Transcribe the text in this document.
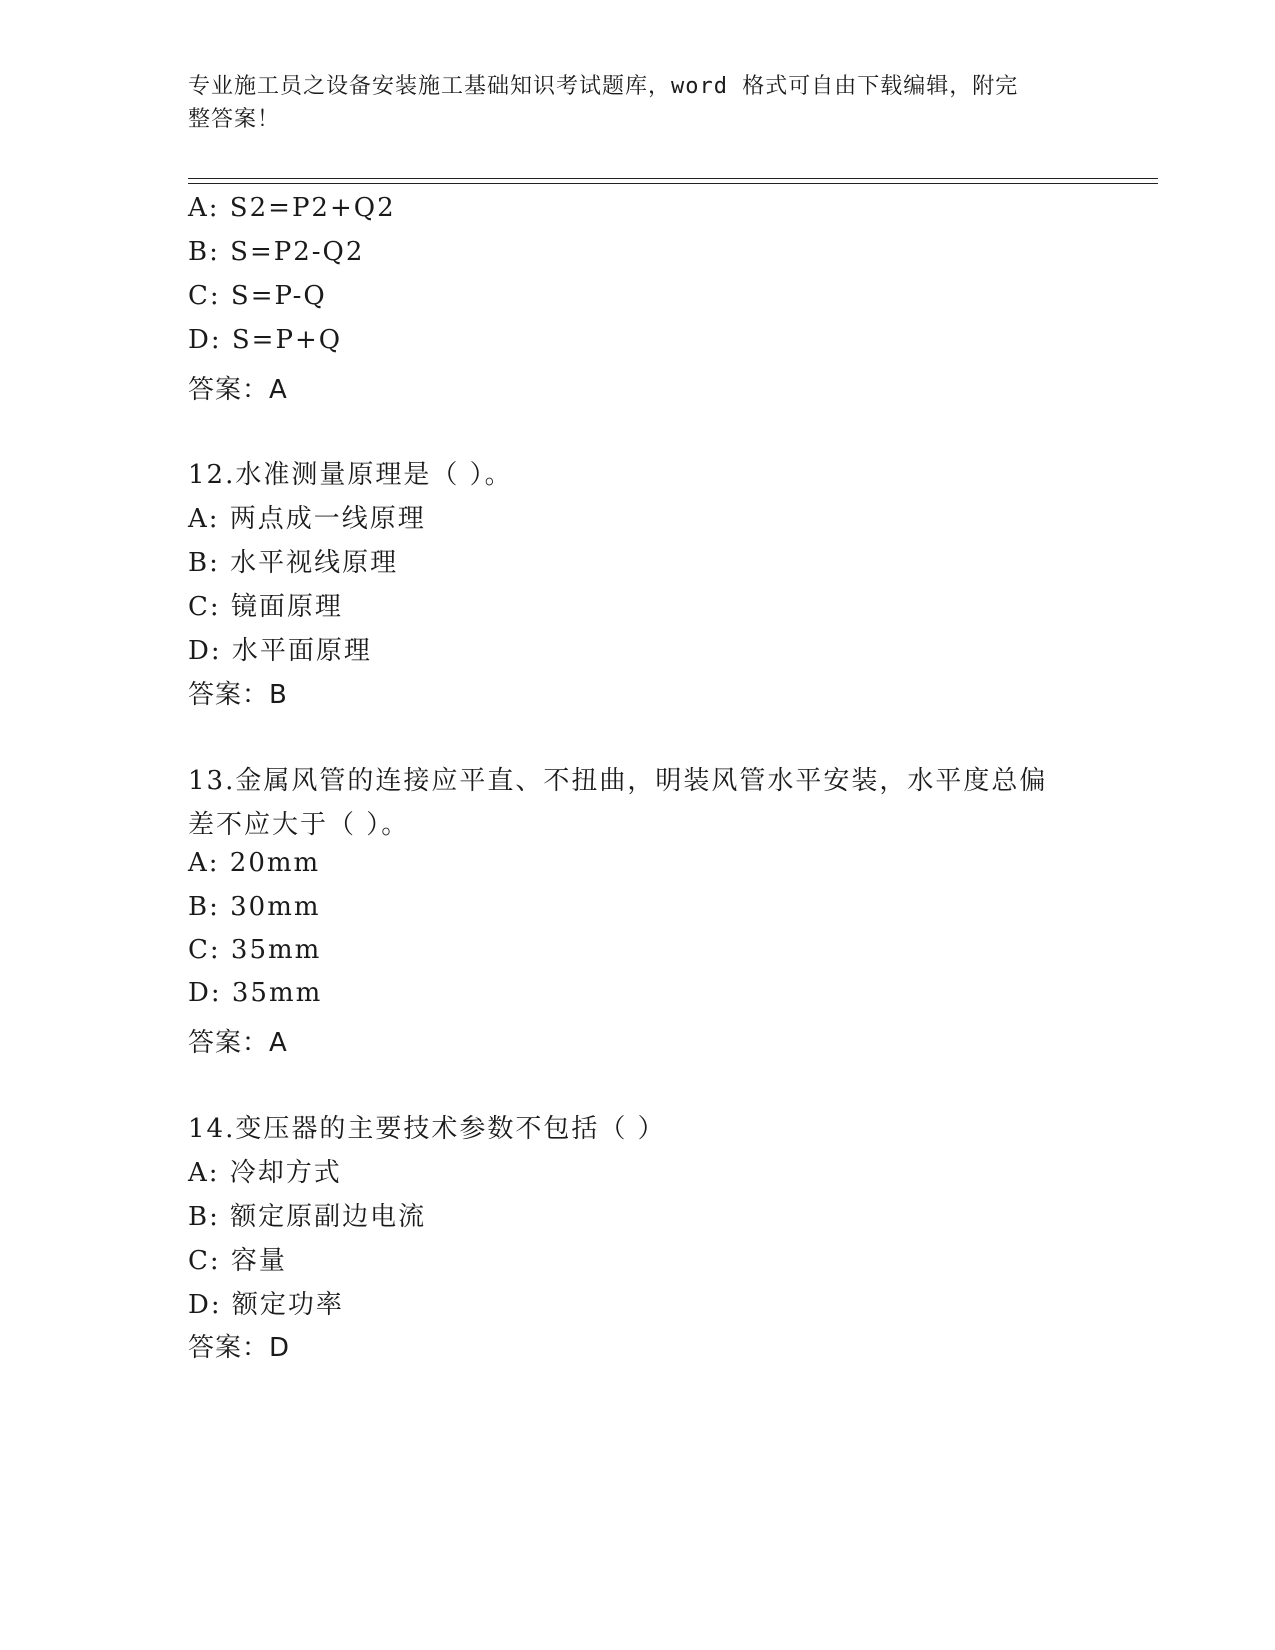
专业施工员之设备安装施工基础知识考试题库，word 格式可自由下载编辑，附完
整答案！
A: S2=P2+Q2
B: S=P2-Q2
C: S=P-Q
D: S=P+Q
答案：A
12.水准测量原理是（ ）。
A: 两点成一线原理
B: 水平视线原理
C: 镜面原理
D: 水平面原理
答案：B
13.金属风管的连接应平直、不扭曲，明装风管水平安装，水平度总偏
差不应大于（ ）。
A: 20mm
B: 30mm
C: 35mm
D: 35mm
答案：A
14.变压器的主要技术参数不包括（ ）
A: 冷却方式
B: 额定原副边电流
C: 容量
D: 额定功率
答案：D
